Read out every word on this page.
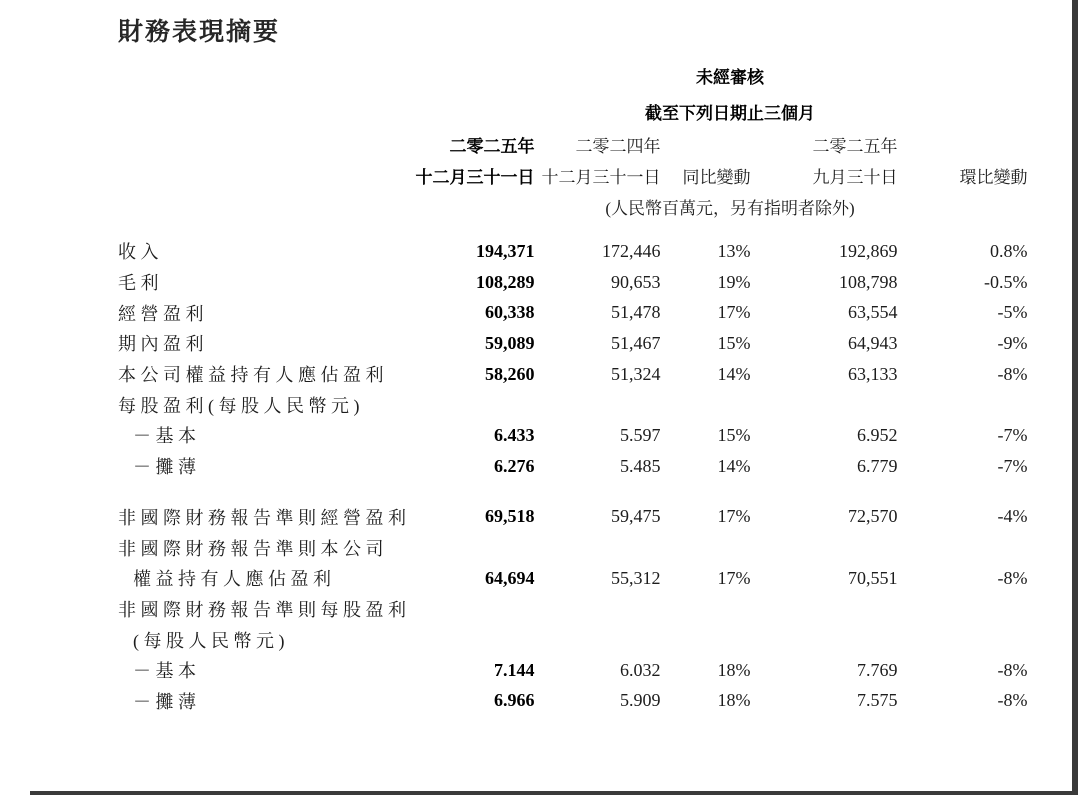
財務表現摘要
	未經審核				
	截至下列日期止三個月				
	二零二五年	二零二四年		二零二五年	
	十二月三十一日	十二月三十一日	同比變動	九月三十日	環比變動
	(人民幣百萬元，另有指明者除外)				

收入	194,371	172,446	13%	192,869	0.8%
毛利	108,289	90,653	19%	108,798	-0.5%
經營盈利	60,338	51,478	17%	63,554	-5%
期內盈利	59,089	51,467	15%	64,943	-9%
本公司權益持有人應佔盈利	58,260	51,324	14%	63,133	-8%
每股盈利(每股人民幣元)					
－基本	6.433	5.597	15%	6.952	-7%
－攤薄	6.276	5.485	14%	6.779	-7%

非國際財務報告準則經營盈利	69,518	59,475	17%	72,570	-4%
非國際財務報告準則本公司					
權益持有人應佔盈利	64,694	55,312	17%	70,551	-8%
非國際財務報告準則每股盈利					
(每股人民幣元)					
－基本	7.144	6.032	18%	7.769	-8%
－攤薄	6.966	5.909	18%	7.575	-8%
